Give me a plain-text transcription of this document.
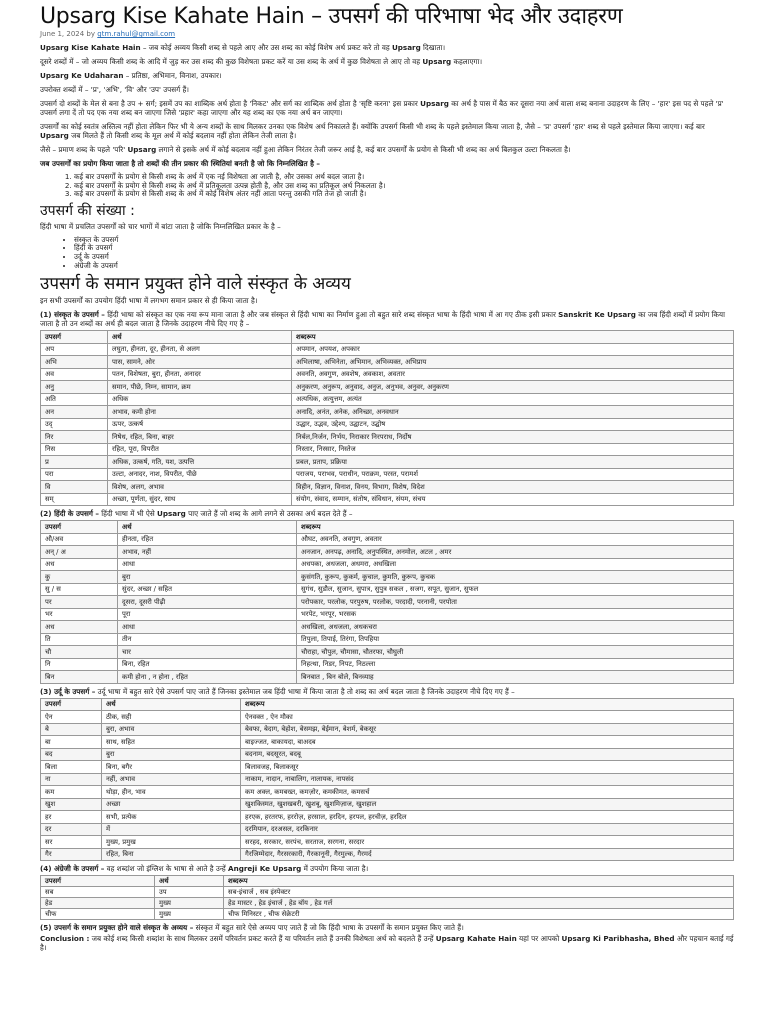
Upsarg Kise Kahate Hain – उपसर्ग की परिभाषा भेद और उदाहरण
June 1, 2024 by gtm.rahul@gmail.com

Upsarg Kise Kahate Hain – जब कोई अव्यय किसी शब्द से पहले आए और उस शब्द का कोई विशेष अर्थ प्रकट करे तो वह Upsarg दिखाता।

दूसरे शब्दों में – जो अव्यय किसी शब्द के आदि में जुड़ कर उस शब्द की कुछ विशेषता प्रकट करें या उस शब्द के अर्थ में कुछ विशेषता ले आए तो वह Upsarg कहलाएगा।

Upsarg Ke Udaharan – प्रतिष्ठा, अभिमान, विनाश, उपकार।

उपरोक्त शब्दों में – 'प्र', 'अभि', 'वि' और 'उप' उपसर्ग हैं।

उपसर्ग दो शब्दों के मेल से बना है उप + सर्ग; इसमें उप का शाब्दिक अर्थ होता है 'निकट' और सर्ग का शाब्दिक अर्थ होता है 'सृष्टि करना' इस प्रकार Upsarg का अर्थ है पास में बैठ कर दूसरा नया अर्थ वाला शब्द बनाना उदाहरण के लिए – 'हार' इस पद से पहले 'प्र' उपसर्ग लगा दें तो पद एक नया शब्द बन जाएगा जिसे 'प्रहार' कहा जाएगा और यह शब्द का एक नया अर्थ बन जाएगा।

उपसर्गों का कोई स्वतंत्र अस्तित्व नहीं होता लेकिन फिर भी ये अन्य शब्दों के साथ मिलकर उनका एक विशेष अर्थ निकालते हैं। क्योंकि उपसर्ग किसी भी शब्द के पहले इस्तेमाल किया जाता है, जैसे – 'प्र' उपसर्ग 'हार' शब्द से पहले इस्तेमाल किया जाएगा। कई बार Upsarg जब मिलते हैं तो किसी शब्द के मूल अर्थ में कोई बदलाव नहीं होता लेकिन तेजी लाता है।

जैसे – प्रमाण शब्द के पहले 'परि' Upsarg लगाने से इसके अर्थ में कोई बदलाव नहीं हुआ लेकिन निरंतर तेजी जरूर आई है, कई बार उपसर्गों के प्रयोग से किसी भी शब्द का अर्थ बिलकुल उल्टा निकलता है।

जब उपसर्गों का प्रयोग किया जाता है तो शब्दों की तीन प्रकार की स्थितियां बनती है जो कि निम्नलिखित है –

1. कई बार उपसर्गों के प्रयोग से किसी शब्द के अर्थ में एक नई विशेषता आ जाती है, और उसका अर्थ बदल जाता है।
2. कई बार उपसर्गों के प्रयोग से किसी शब्द के अर्थ में प्रतिकूलता उत्पन्न होती है, और उस शब्द का प्रतिकूल अर्थ निकलता है।
3. कई बार उपसर्गों के प्रयोग से किसी शब्द के अर्थ में कोई विशेष अंतर नहीं आता परन्तु उसकी गति तेज हो जाती है।
उपसर्ग की संख्या :

हिंदी भाषा में प्रचलित उपसर्गों को चार भागों में बांटा जाता है जोकि निम्नलिखित प्रकार के है –

• संस्कृत के उपसर्ग
• हिंदी के उपसर्ग
• उर्दू के उपसर्ग
• अंग्रेजी के उपसर्ग
उपसर्ग के समान प्रयुक्त होने वाले संस्कृत के अव्यय

इन सभी उपसर्गों का उपयोग हिंदी भाषा में लगभग समान प्रकार से ही किया जाता है।

(1) संस्कृत के उपसर्ग – हिंदी भाषा को संस्कृत का एक नया रूप माना जाता है और जब संस्कृत से हिंदी भाषा का निर्माण हुआ तो बहुत सारे शब्द संस्कृत भाषा के हिंदी भाषा में आ गए ठीक इसी प्रकार Sanskrit Ke Upsarg का जब हिंदी शब्दों में प्रयोग किया जाता है तो उन शब्दों का अर्थ ही बदल जाता है जिनके उदाहरण नीचे दिए गए है –
उपसर्ग	अर्थ	शब्दरूप
अप	लघुता, हीनता, दूर, हीनता, से अलग	अपमान, अपयश, अपकार
अभि	पास, सामने, ओर	अभिलाषा, अभिनेता, अभिमान, अभिव्यक्त, अभिप्राय
अव	पतन, विशेषता, बुरा, हीनता, अनादर	अवनति, अवगुण, अवशेष, अवकाश, अवतार
अनु	समान, पीछे, निम्न, सामान, क्रम	अनुकरण, अनुरूप, अनुवाद, अनुज, अनुभव, अनुवर, अनुकरण
अति	अधिक	अत्यधिक, अत्युत्तम, अत्यंत
अन	अभाव, कमी होना	अनादि, अनंत, अनेक, अनिच्छा, अनवधान
उद्	ऊपर, उत्कर्ष	उद्धार, उद्भव, उद्देश्य, उद्घाटन, उद्घोष
निर	निषेध, रहित, बिना, बाहर	निर्बल,निर्जन, निर्भय, निराकार निरपराध, निर्दोष
निस	रहित, पूरा, विपरीत	निस्तार, निस्सार, निस्तेज
प्र	अधिक, उत्कर्ष, गति, यश, उत्पत्ति	प्रबल, प्रताप, प्रक्रिया
परा	उल्टा, अनादर, नाश, विपरीत, पीछे	पराजय, पराभव, पराधीन, पराक्रम, परस्त, परामर्श
वि	विशेष, अलग, अभाव	विहीन, विज्ञान, विनाश, विनय, विभाग, विशेष, विदेश
सम्	अच्छा, पूर्णता, सुंदर, साथ	संयोग, संवाद, सम्मान, संतोष, संविधान, संयम, संचय
(2) हिंदी के उपसर्ग – हिंदी भाषा में भी ऐसे Upsarg पाए जाते हैं जो शब्द के आगे लगने से उसका अर्थ बदल देते हैं –
उपसर्ग	अर्थ	शब्दरूप
औ/अव	हीनता, रहित	औघट, अवनति, अवगुण, अवतार
अन् / अ	अभाव, नहीं	अनजान, अनपढ़, अनादि, अनुपस्थित, अनमोल, अटल , अमर
अध	आधा	अधपका, अधजला, अधमरा, अधखिला
कु	बुरा	कुसंगति, कुरूप, कुकर्म, कुचाल, कुमति, कुरूप, कुचक
सु / स	सुंदर, अच्छा / सहित	सुगंध, सुडौल, सुजान, सुपात्र, सुपुत्र सकल , सजग, सपूत, सुजान, सुफल
पर	दूसरा, दूसरी पीढ़ी	परोपकार, परलोक, परपुरुष, परलोक, परदादी, परनानी, परपोता
भर	पूरा	भरपेट, भरपूर, भरसक
अध	आधा	अधखिला, अधजला, अधकचरा
ति	तीन	तिपुला, तिपाई, तिरंगा, तिपहिया
चौ	चार	चौराहा, चौपुल, चौमासा, चौतरफा, चौघुली
नि	बिना, रहित	निहत्था, निडर, निपट, निठल्ला
बिन	कमी होना , न होना , रहित	बिनबात , बिन बोले, बिनव्याह
(3) उर्दू के उपसर्ग – उर्दू भाषा में बहुत सारे ऐसे उपसर्ग पाए जाते हैं जिनका इस्तेमाल जब हिंदी भाषा में किया जाता है तो शब्द का अर्थ बदल जाता है जिनके उदाहरण नीचे दिए गए हैं –
उपसर्ग	अर्थ	शब्दरूप
ऐन	ठीक, सही	ऐनवक्त , ऐन मौका
बे	बुरा, अभाव	बेवफा, बेदाग, बेहोश, बेसमझ, बेईमान, बेशर्म, बेकसूर
बा	साथ, सहित	बाइज्जत, बाकायदा, बाअदब
बद	बुरा	बदनाम, बदसूरत, बदबू
बिला	बिना, बगैर	बिलावजह, बिलाकसूर
ना	नहीं, अभाव	नाकाम, नादान, नाबालिग, नालायक, नापसंद
कम	थोड़ा, हीन, भाव	कम अक्ल, कमबख्त, कमज़ोर, कमकीमत, कमसर्च
खुश	अच्छा	खुशकिस्मत, खुशखबरी, खुशबू, खुशमिज़ाज, खुशहाल
हर	सभी, प्रत्येक	हरएक, हरतरफ, हररोज़, हरसाल, हरदिन, हरपल, हरचीज़, हरदिल
दर	में	दरमियान, दरअसल, दरकिनार
सर	मुख्य, प्रमुख	सरहद, सरकार, सरपंच, सरताज, सरगना, सरदार
गैर	रहित, बिना	गैरजिम्मेदार, गैरसरकारी, गैरकानूनी, गैरमुल्क, गैरमर्द
(4) अंग्रेजी के उपसर्ग – वह शब्दांश जो इंग्लिश के भाषा से आते है उन्हें Angreji Ke Upsarg में उपयोग किया जाता है।
उपसर्ग	अर्थ	शब्दरूप
सब	उप	सब-इंचार्ज , सब इंस्पेक्टर
हेड	मुख्य	हेड मास्टर , हेड इंचार्ज , हेड बॉय , हेड गर्ल
चीफ	मुख्य	चीफ मिनिस्टर , चीफ सेक्रेटरी
(5) उपसर्ग के समान प्रयुक्त होने वाले संस्कृत के अव्यय – संस्कृत में बहुत सारे ऐसे अव्यय पाए जाते हैं जो कि हिंदी भाषा के उपसर्गों के समान प्रयुक्त किए जाते हैं।
Conclusion : जब कोई शब्द किसी शब्दांश के साथ मिलकर उसमें परिवर्तन प्रकट करते हैं या परिवर्तन लाते हैं उनकी विशेषता अर्थ को बदलते हैं उन्हें Upsarg Kahate Hain यहां पर आपको Upsarg Ki Paribhasha, Bhed और पहचान बताई गई है।
